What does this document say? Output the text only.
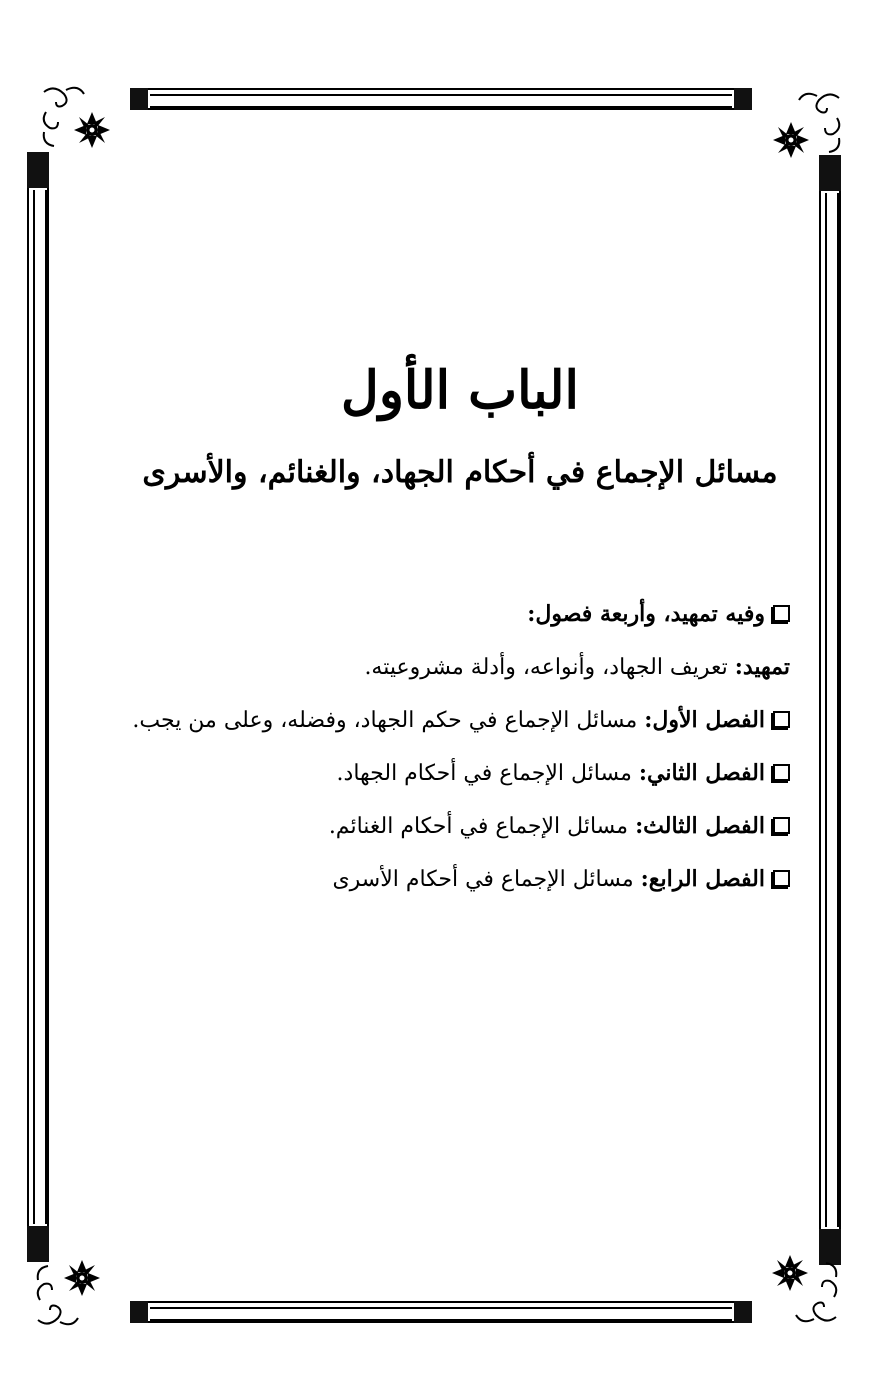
الباب الأول
مسائل الإجماع في أحكام الجهاد، والغنائم، والأسرى
وفيه تمهيد، وأربعة فصول:
تمهيد: تعريف الجهاد، وأنواعه، وأدلة مشروعيته.
الفصل الأول: مسائل الإجماع في حكم الجهاد، وفضله، وعلى من يجب.
الفصل الثاني: مسائل الإجماع في أحكام الجهاد.
الفصل الثالث: مسائل الإجماع في أحكام الغنائم.
الفصل الرابع: مسائل الإجماع في أحكام الأسرى
